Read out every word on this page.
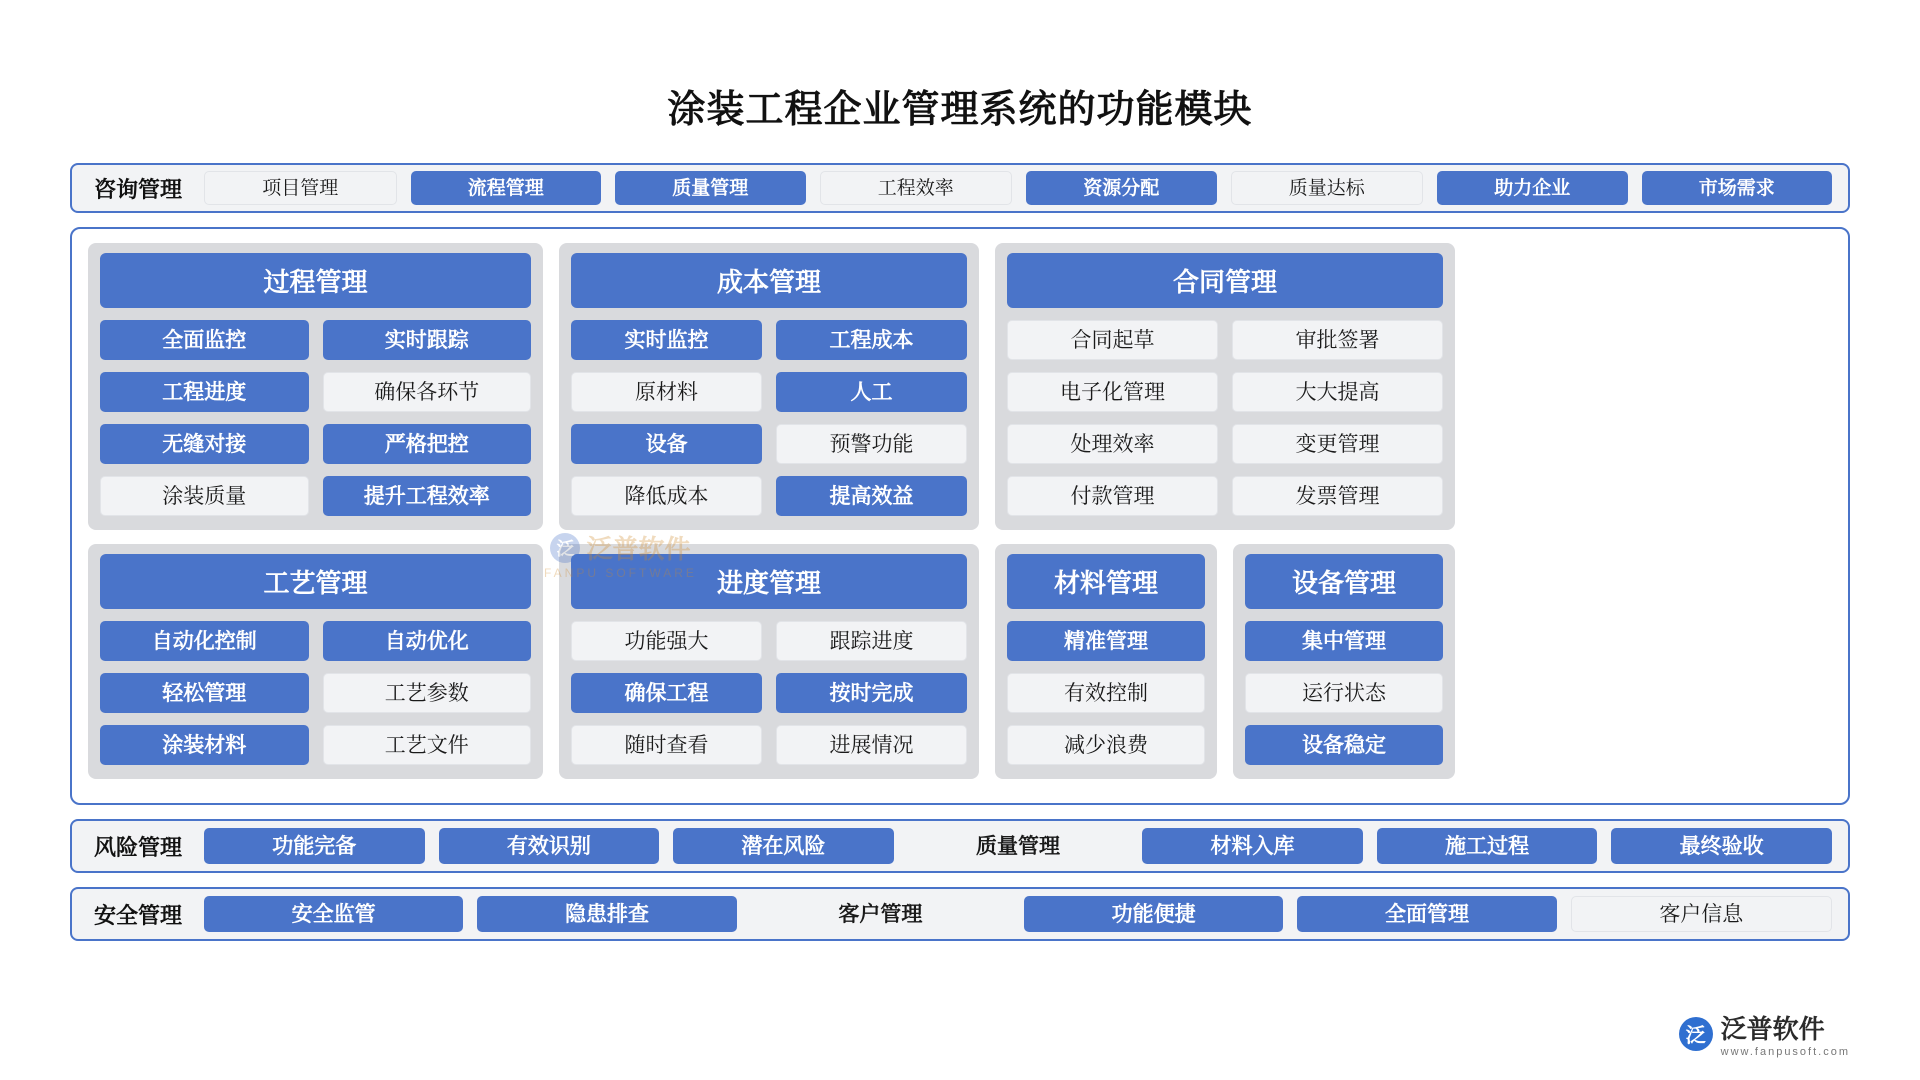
涂装工程企业管理系统的功能模块
咨询管理	项目管理	流程管理	质量管理	工程效率	资源分配	质量达标	助力企业	市场需求
泛 泛普软件
FANPU SOFTWARE
过程管理
全面监控	实时跟踪
工程进度	确保各环节
无缝对接	严格把控
涂装质量	提升工程效率
工艺管理
自动化控制	自动优化
轻松管理	工艺参数
涂装材料	工艺文件
成本管理
实时监控	工程成本
原材料	人工
设备	预警功能
降低成本	提高效益
进度管理
功能强大	跟踪进度
确保工程	按时完成
随时查看	进展情况
合同管理
合同起草	审批签署
电子化管理	大大提高
处理效率	变更管理
付款管理	发票管理
材料管理
精准管理
有效控制
减少浪费
设备管理
集中管理
运行状态
设备稳定
风险管理	功能完备	有效识别	潜在风险	质量管理	材料入库	施工过程	最终验收
安全管理	安全监管	隐患排查	客户管理	功能便捷	全面管理	客户信息
泛 泛普软件
www.fanpusoft.com
